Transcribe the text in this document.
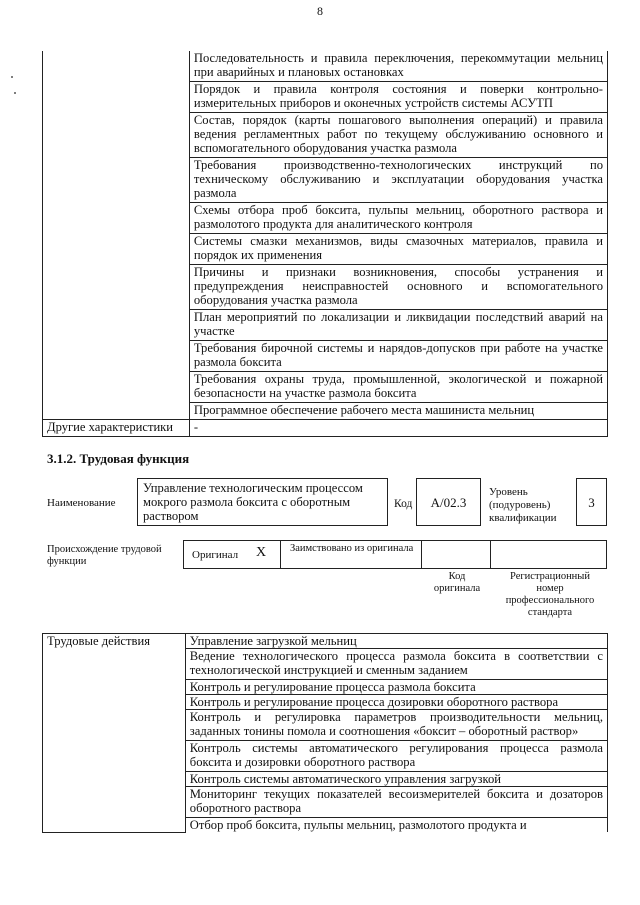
8
	Последовательность и правила переключения, перекоммутации мельниц при аварийных и плановых остановках
	Порядок и правила контроля состояния и поверки контрольно-измерительных приборов и оконечных устройств системы АСУТП
	Состав, порядок (карты пошагового выполнения операций) и правила ведения регламентных работ по текущему обслуживанию основного и вспомогательного оборудования участка размола
	Требования производственно-технологических инструкций по техническому обслуживанию и эксплуатации оборудования участка размола
	Схемы отбора проб боксита, пульпы мельниц, оборотного раствора и размолотого продукта для аналитического контроля
	Системы смазки механизмов, виды смазочных материалов, правила и порядок их применения
	Причины и признаки возникновения, способы устранения и предупреждения неисправностей основного и вспомогательного оборудования участка размола
	План мероприятий по локализации и ликвидации последствий аварий на участке
	Требования бирочной системы и нарядов-допусков при работе на участке размола боксита
	Требования охраны труда, промышленной, экологической и пожарной безопасности на участке размола боксита
	Программное обеспечение рабочего места машиниста мельниц
Другие характеристики	-
3.1.2. Трудовая функция
Наименование
Управление технологическим процессом мокрого размола боксита с оборотным раствором
Код	А/02.3
Уровень (подуровень) квалификации
3
Происхождение трудовой функции
Оригинал X Заимствовано из оригинала
Код оригинала
Регистрационный номер профессионального стандарта
Трудовые действия	Управление загрузкой мельниц
Ведение технологического процесса размола боксита в соответствии с технологической инструкцией и сменным заданием
Контроль и регулирование процесса размола боксита
Контроль и регулирование процесса дозировки оборотного раствора
Контроль и регулировка параметров производительности мельниц, заданных тонины помола и соотношения «боксит – оборотный раствор»
Контроль системы автоматического регулирования процесса размола боксита и дозировки оборотного раствора
Контроль системы автоматического управления загрузкой
Мониторинг текущих показателей весоизмерителей боксита и дозаторов оборотного раствора
Отбор проб боксита, пульпы мельниц, размолотого продукта и
